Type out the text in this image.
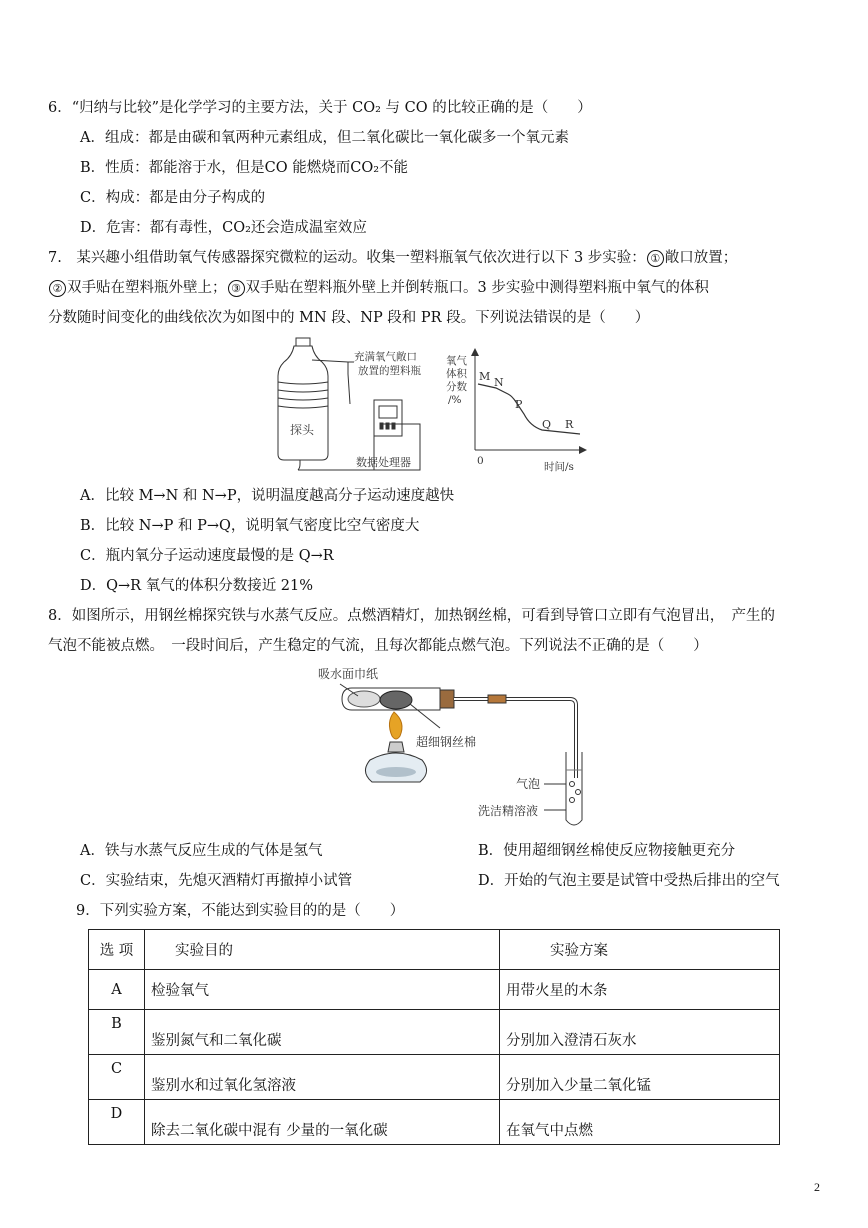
6．“归纳与比较”是化学学习的主要方法，关于 CO₂ 与 CO 的比较正确的是（　　）
A．组成：都是由碳和氧两种元素组成，但二氧化碳比一氧化碳多一个氧元素
B．性质：都能溶于水，但是CO 能燃烧而CO₂不能
C．构成：都是由分子构成的
D．危害：都有毒性，CO₂还会造成温室效应
7.　某兴趣小组借助氧气传感器探究微粒的运动。收集一塑料瓶氧气依次进行以下 3 步实验： ① 敞口放置；
② 双手贴在塑料瓶外壁上； ③ 双手贴在塑料瓶外壁上并倒转瓶口。3 步实验中测得塑料瓶中氧气的体积
分数随时间变化的曲线依次为如图中的 MN 段、NP 段和 PR 段。下列说法错误的是（　　）
探头
充满氧气敞口
放置的塑料瓶
数据处理器
氧气
体积
分数
/%
M N
P
Q R
0	时间/s
A．比较 M→N 和 N→P，说明温度越高分子运动速度越快
B．比较 N→P 和 P→Q，说明氧气密度比空气密度大
C．瓶内氧分子运动速度最慢的是 Q→R
D．Q→R 氧气的体积分数接近 21%
8．如图所示，用钢丝棉探究铁与水蒸气反应。点燃酒精灯，加热钢丝棉，可看到导管口立即有气泡冒出，　产生的
气泡不能被点燃。　一段时间后，产生稳定的气流，且每次都能点燃气泡。下列说法不正确的是（　　）
吸水面巾纸
超细钢丝棉
气泡
洗洁精溶液
A．铁与水蒸气反应生成的气体是氢气	B．使用超细钢丝棉使反应物接触更充分
C．实验结束，先熄灭酒精灯再撤掉小试管	D．开始的气泡主要是试管中受热后排出的空气
9．下列实验方案，不能达到实验目的的是（　　）
选 项	实验目的	实验方案
A	检验氧气	用带火星的木条
B	鉴别氮气和二氧化碳	分别加入澄清石灰水
C	鉴别水和过氧化氢溶液	分别加入少量二氧化锰
D	除去二氧化碳中混有 少量的一氧化碳	在氧气中点燃
2
